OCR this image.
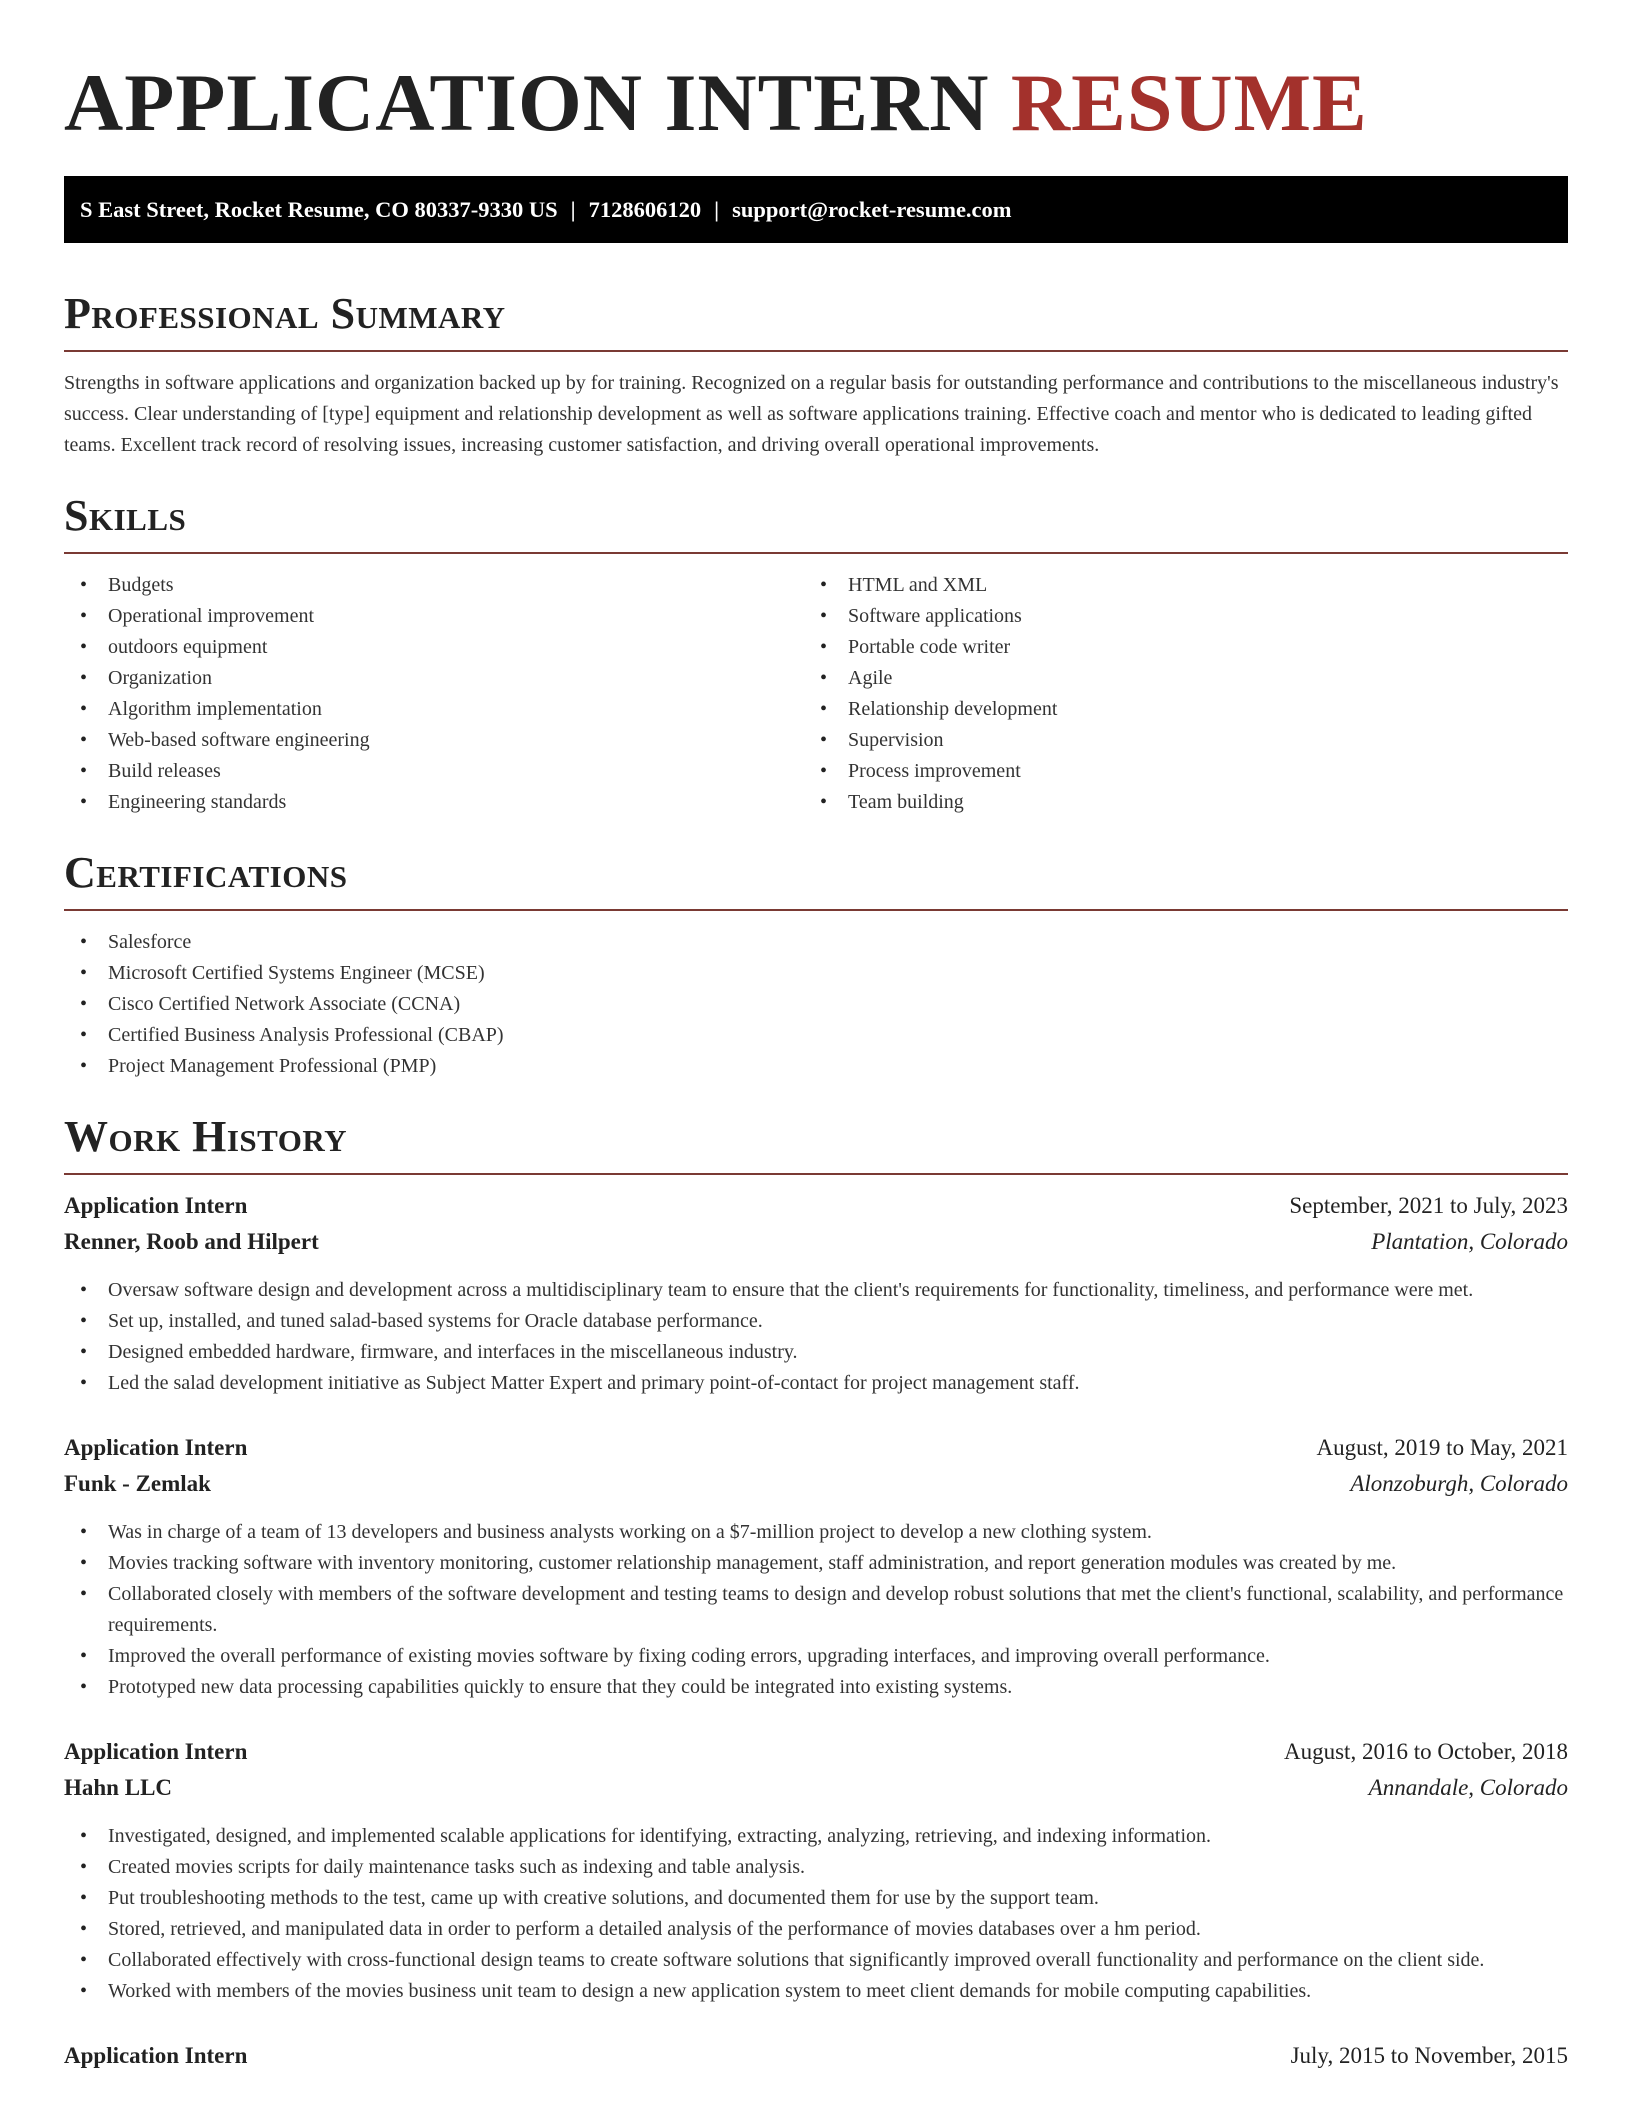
APPLICATION INTERN RESUME
S East Street, Rocket Resume, CO 80337-9330 US | 7128606120 | support@rocket-resume.com
Professional Summary

Strengths in software applications and organization backed up by for training. Recognized on a regular basis for outstanding performance and contributions to the miscellaneous industry's success. Clear understanding of [type] equipment and relationship development as well as software applications training. Effective coach and mentor who is dedicated to leading gifted teams. Excellent track record of resolving issues, increasing customer satisfaction, and driving overall operational improvements.

Skills
• Budgets
• Operational improvement
• outdoors equipment
• Organization
• Algorithm implementation
• Web-based software engineering
• Build releases
• Engineering standards
• HTML and XML
• Software applications
• Portable code writer
• Agile
• Relationship development
• Supervision
• Process improvement
• Team building
Certifications
• Salesforce
• Microsoft Certified Systems Engineer (MCSE)
• Cisco Certified Network Associate (CCNA)
• Certified Business Analysis Professional (CBAP)
• Project Management Professional (PMP)
Work History
Application Intern	September, 2021 to July, 2023
Renner, Roob and Hilpert	Plantation, Colorado
• Oversaw software design and development across a multidisciplinary team to ensure that the client's requirements for functionality, timeliness, and performance were met.
• Set up, installed, and tuned salad-based systems for Oracle database performance.
• Designed embedded hardware, firmware, and interfaces in the miscellaneous industry.
• Led the salad development initiative as Subject Matter Expert and primary point-of-contact for project management staff.
Application Intern	August, 2019 to May, 2021
Funk - Zemlak	Alonzoburgh, Colorado
• Was in charge of a team of 13 developers and business analysts working on a $7-million project to develop a new clothing system.
• Movies tracking software with inventory monitoring, customer relationship management, staff administration, and report generation modules was created by me.
• Collaborated closely with members of the software development and testing teams to design and develop robust solutions that met the client's functional, scalability, and performance requirements.
• Improved the overall performance of existing movies software by fixing coding errors, upgrading interfaces, and improving overall performance.
• Prototyped new data processing capabilities quickly to ensure that they could be integrated into existing systems.
Application Intern	August, 2016 to October, 2018
Hahn LLC	Annandale, Colorado
• Investigated, designed, and implemented scalable applications for identifying, extracting, analyzing, retrieving, and indexing information.
• Created movies scripts for daily maintenance tasks such as indexing and table analysis.
• Put troubleshooting methods to the test, came up with creative solutions, and documented them for use by the support team.
• Stored, retrieved, and manipulated data in order to perform a detailed analysis of the performance of movies databases over a hm period.
• Collaborated effectively with cross-functional design teams to create software solutions that significantly improved overall functionality and performance on the client side.
• Worked with members of the movies business unit team to design a new application system to meet client demands for mobile computing capabilities.
Application Intern	July, 2015 to November, 2015
